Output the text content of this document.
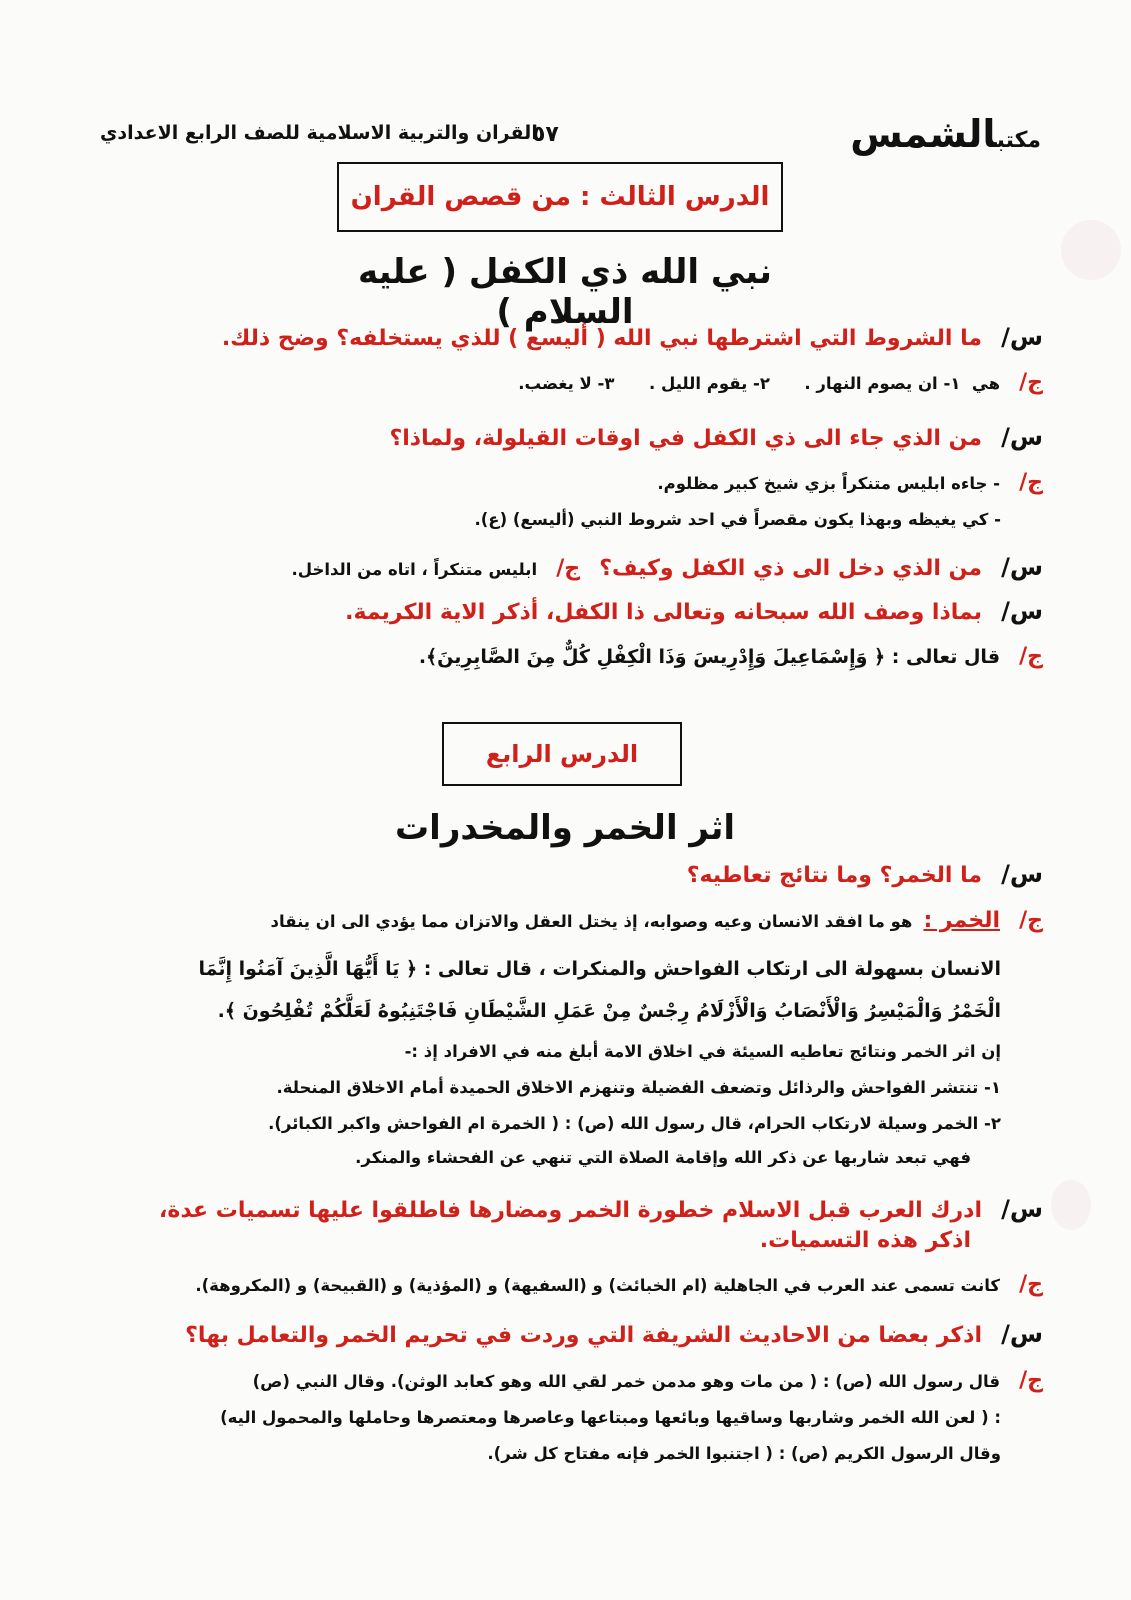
مكتبالشمس
٥٧
القران والتربية الاسلامية للصف الرابع الاعدادي
الدرس الثالث : من قصص القران
نبي الله ذي الكفل ( عليه السلام )
س/ ما الشروط التي اشترطها نبي الله ( أليسع ) للذي يستخلفه؟ وضح ذلك.
ج/ هي  ١- ان يصوم النهار .      ٢- يقوم الليل .      ٣- لا يغضب.
س/ من الذي جاء الى ذي الكفل في اوقات القيلولة، ولماذا؟
ج/ - جاءه ابليس متنكراً بزي شيخ كبير مظلوم.
- كي يغيظه وبهذا يكون مقصراً في احد شروط النبي (أليسع) (ع).
س/ من الذي دخل الى ذي الكفل وكيف؟ ج/ ابليس متنكراً ، اتاه من الداخل.
س/ بماذا وصف الله سبحانه وتعالى ذا الكفل، أذكر الاية الكريمة.
ج/ قال تعالى : ﴿ وَإِسْمَاعِيلَ وَإِدْرِيسَ وَذَا الْكِفْلِ كُلٌّ مِنَ الصَّابِرِينَ﴾.
الدرس الرابع
اثر الخمر والمخدرات
س/ ما الخمر؟ وما نتائج تعاطيه؟
ج/ الخمر : هو ما افقد الانسان وعيه وصوابه، إذ يختل العقل والاتزان مما يؤدي الى ان ينقاد
الانسان بسهولة الى ارتكاب الفواحش والمنكرات ، قال تعالى : ﴿ يَا أَيُّهَا الَّذِينَ آمَنُوا إِنَّمَا
الْخَمْرُ وَالْمَيْسِرُ وَالْأَنْصَابُ وَالْأَزْلَامُ رِجْسٌ مِنْ عَمَلِ الشَّيْطَانِ فَاجْتَنِبُوهُ لَعَلَّكُمْ تُفْلِحُونَ ﴾.
إن اثر الخمر ونتائج تعاطيه السيئة في اخلاق الامة أبلغ منه في الافراد إذ :-
١- تنتشر الفواحش والرذائل وتضعف الفضيلة وتنهزم الاخلاق الحميدة أمام الاخلاق المنحلة.
٢- الخمر وسيلة لارتكاب الحرام، قال رسول الله (ص) : ( الخمرة ام الفواحش واكبر الكبائر).
فهي تبعد شاربها عن ذكر الله وإقامة الصلاة التي تنهي عن الفحشاء والمنكر.
س/ ادرك العرب قبل الاسلام خطورة الخمر ومضارها فاطلقوا عليها تسميات عدة،
اذكر هذه التسميات.
ج/ كانت تسمى عند العرب في الجاهلية (ام الخبائث) و (السفيهة) و (المؤذية) و (القبيحة) و (المكروهة).
س/ اذكر بعضا من الاحاديث الشريفة التي وردت في تحريم الخمر والتعامل بها؟
ج/ قال رسول الله (ص) : ( من مات وهو مدمن خمر لقي الله وهو كعابد الوثن). وقال النبي (ص)
: ( لعن الله الخمر وشاربها وساقيها وبائعها ومبتاعها وعاصرها ومعتصرها وحاملها والمحمول اليه)
وقال الرسول الكريم (ص) : ( اجتنبوا الخمر فإنه مفتاح كل شر).
